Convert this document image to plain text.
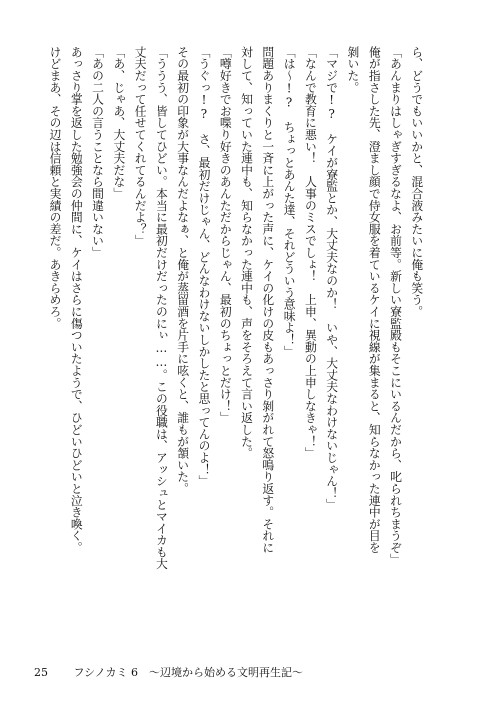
ら、どうでもいいかと、混合液みたいに俺も笑う。
「あんまりはしゃぎすぎるなよ、お前等。新しい寮監殿もそこにいるんだから、叱られちまうぞ」
俺が指さした先、澄まし顔で侍女服を着ているケイに視線が集まると、知らなかった連中が目を
剝いた。
「マジで!?　ケイが寮監とか、大丈夫なのか！　いや、大丈夫なわけないじゃん！」
「なんで教育に悪い！　人事のミスでしょ！　上申、異動の上申しなきゃ！」
「は～!?　ちょっとあんた達、それどういう意味よ！」
問題ありまくりと一斉に上がった声に、ケイの化けの皮もあっさり剝がれて怒鳴り返す。それに
対して、知っていた連中も、知らなかった連中も、声をそろえて言い返した。
「噂好きでお喋り好きのあんただからじゃん、最初のちょっとだけ！」
「うぐっ!?　さ、最初だけじゃん、どんなわけないしかしたと思ってんのよ！」
その最初の印象が大事なんだよなぁ、と俺が蒸留酒を片手に呟くと、誰もが頷いた。
「ううう、皆してひどい。本当に最初だけだったのにぃ……。この役職は、アッシュとマイカも大
丈夫だって任せてくれてるんだよ？」
「あ、じゃあ、大丈夫だな」
「あの二人の言うことなら間違いない」
あっさり掌を返した勉強会の仲間に、ケイはさらに傷ついたようで、ひどいひどいと泣き喚く。
けどまあ、その辺は信頼と実績の差だ。あきらめろ。
25 フシノカミ 6　～辺境から始める文明再生記～
